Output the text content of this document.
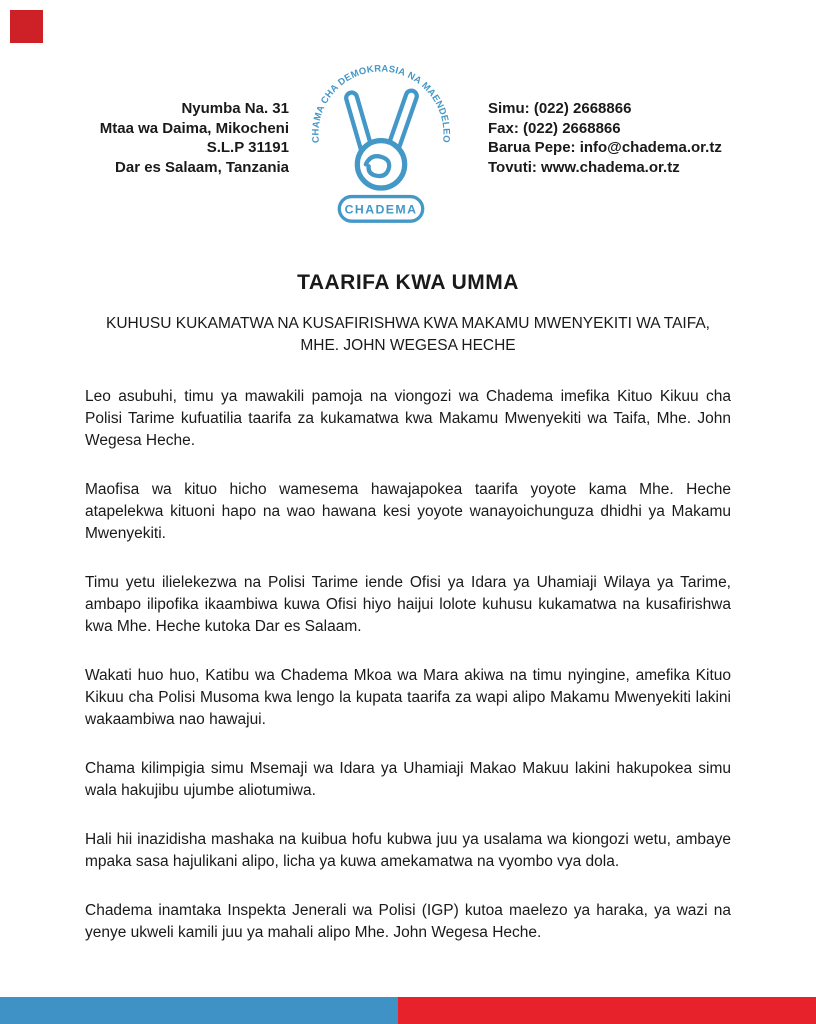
Nyumba Na. 31
Mtaa wa Daima, Mikocheni
S.L.P 31191
Dar es Salaam, Tanzania
CHAMA CHA DEMOKRASIA NA MAENDELEO
CHADEMA
Simu: (022) 2668866
Fax: (022) 2668866
Barua Pepe: info@chadema.or.tz
Tovuti: www.chadema.or.tz
TAARIFA KWA UMMA
KUHUSU KUKAMATWA NA KUSAFIRISHWA KWA MAKAMU MWENYEKITI WA TAIFA,
MHE. JOHN WEGESA HECHE

Leo asubuhi, timu ya mawakili pamoja na viongozi wa Chadema imefika Kituo Kikuu cha Polisi Tarime kufuatilia taarifa za kukamatwa kwa Makamu Mwenyekiti wa Taifa, Mhe. John Wegesa Heche.

Maofisa wa kituo hicho wamesema hawajapokea taarifa yoyote kama Mhe. Heche atapelekwa kituoni hapo na wao hawana kesi yoyote wanayoichunguza dhidhi ya Makamu Mwenyekiti.

Timu yetu ilielekezwa na Polisi Tarime iende Ofisi ya Idara ya Uhamiaji Wilaya ya Tarime, ambapo ilipofika ikaambiwa kuwa Ofisi hiyo haijui lolote kuhusu kukamatwa na kusafirishwa kwa Mhe. Heche kutoka Dar es Salaam.

Wakati huo huo, Katibu wa Chadema Mkoa wa Mara akiwa na timu nyingine, amefika Kituo Kikuu cha Polisi Musoma kwa lengo la kupata taarifa za wapi alipo Makamu Mwenyekiti lakini wakaambiwa nao hawajui.

Chama kilimpigia simu Msemaji wa Idara ya Uhamiaji Makao Makuu lakini hakupokea simu wala hakujibu ujumbe aliotumiwa.

Hali hii inazidisha mashaka na kuibua hofu kubwa juu ya usalama wa kiongozi wetu, ambaye mpaka sasa hajulikani alipo, licha ya kuwa amekamatwa na vyombo vya dola.

Chadema inamtaka Inspekta Jenerali wa Polisi (IGP) kutoa maelezo ya haraka, ya wazi na yenye ukweli kamili juu ya mahali alipo Mhe. John Wegesa Heche.
